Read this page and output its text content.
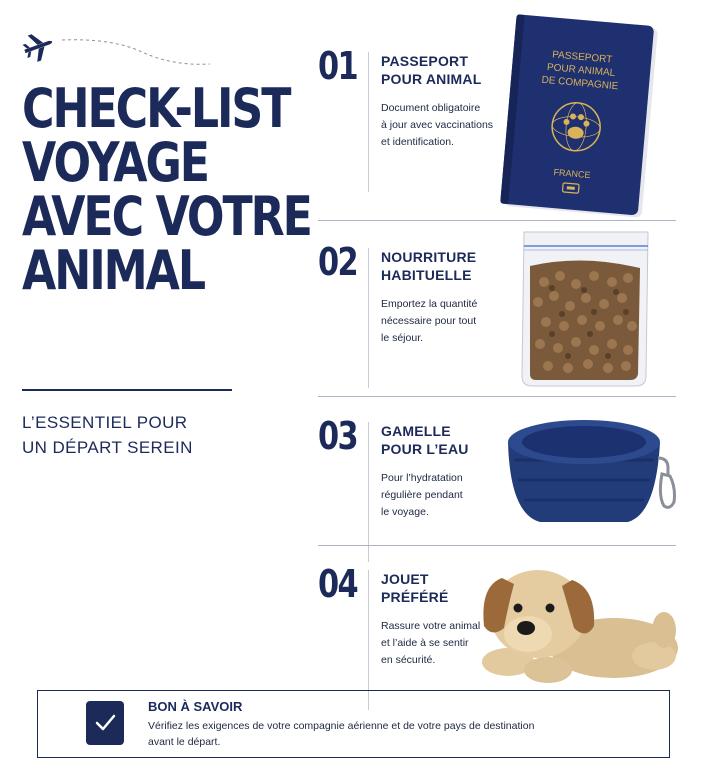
CHECK-LIST
VOYAGE
AVEC VOTRE
ANIMAL
L’ESSENTIEL POUR
UN DÉPART SEREIN
01 PASSEPORT
POUR ANIMAL
Document obligatoire
à jour avec vaccinations
et identification.
PASSEPORT
POUR ANIMAL
DE COMPAGNIE
FRANCE
02 NOURRITURE
HABITUELLE
Emportez la quantité
nécessaire pour tout
le séjour.
03 GAMELLE
POUR L’EAU
Pour l’hydratation
régulière pendant
le voyage.
04 JOUET
PRÉFÉRÉ
Rassure votre animal
et l’aide à se sentir
en sécurité.
BON À SAVOIR
Vérifiez les exigences de votre compagnie aérienne et de votre pays de destination
avant le départ.
